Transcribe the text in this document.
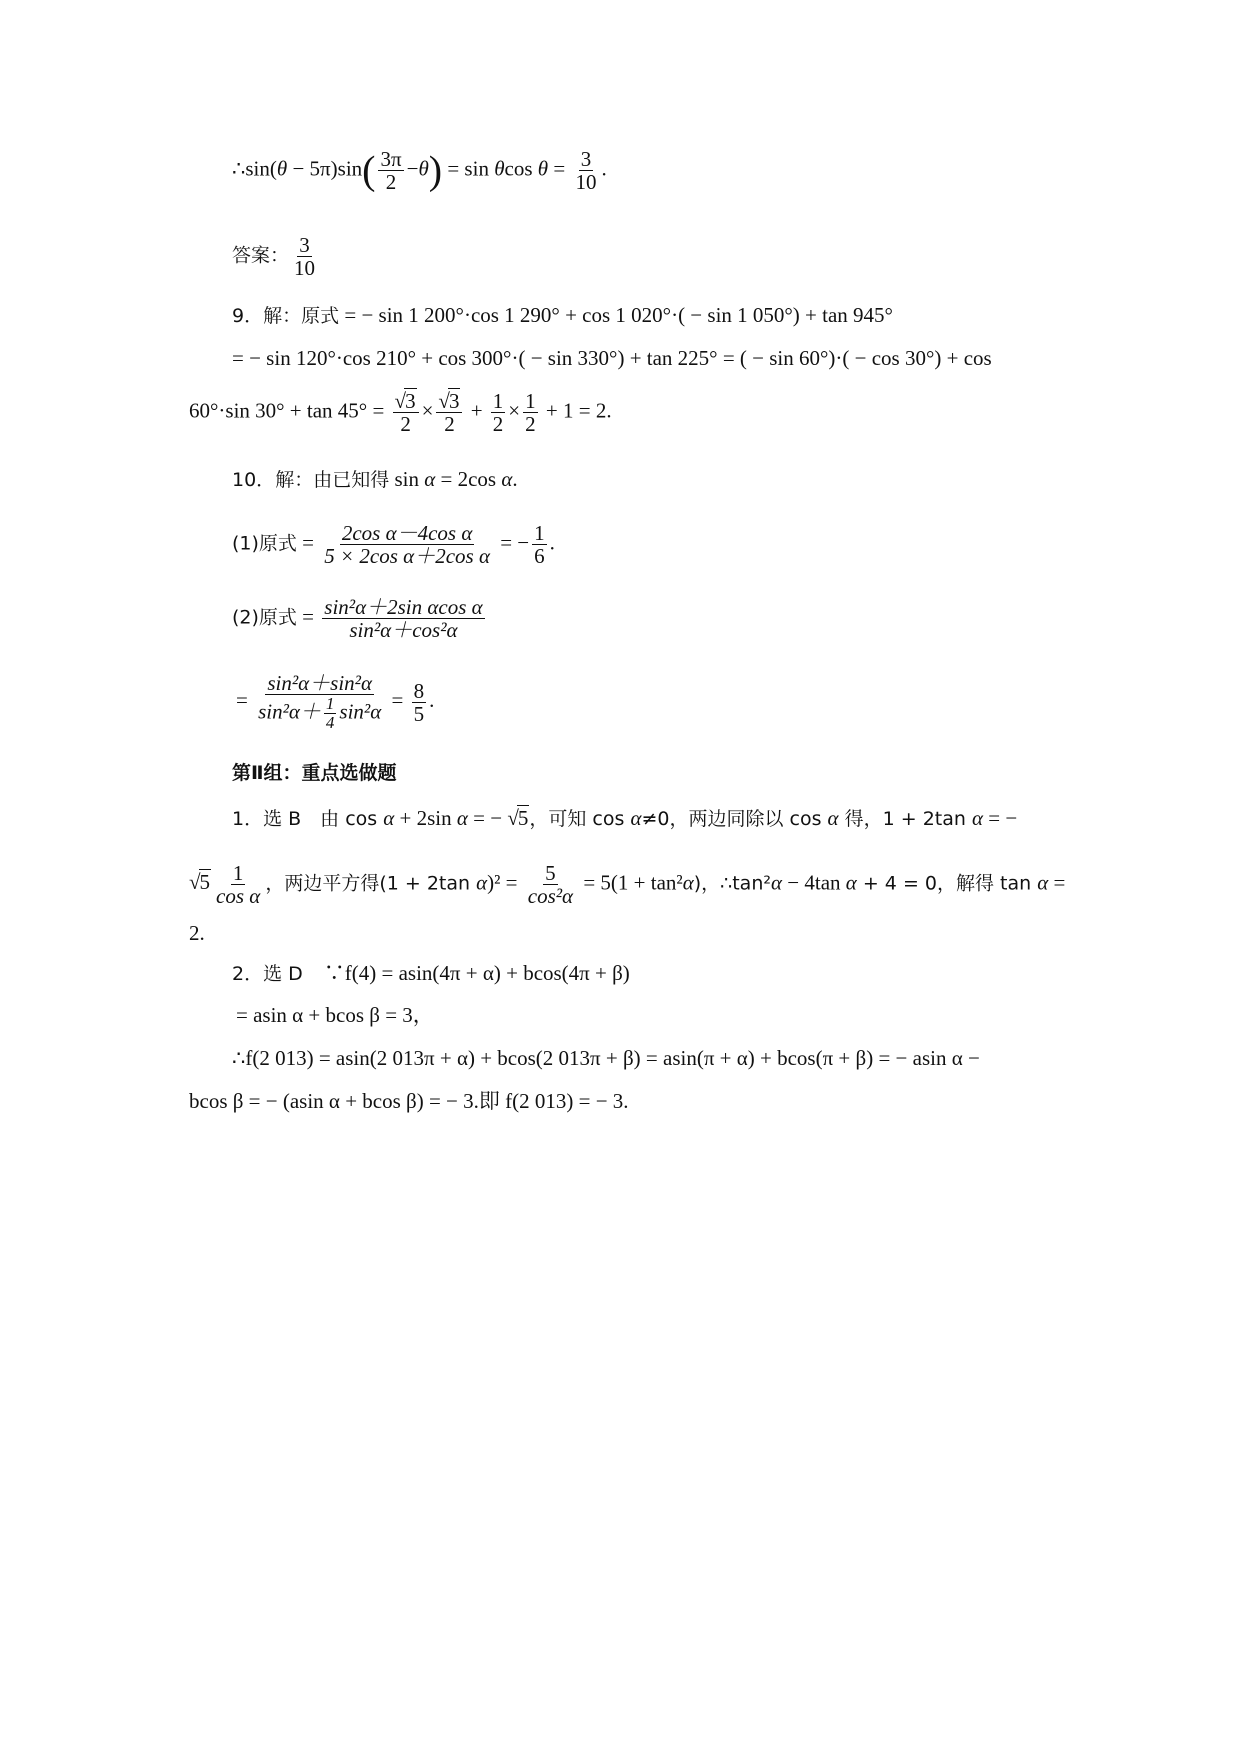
∴sin(θ − $5\pi)\sin( \frac{3\pi}{2} -\theta) = \sin \theta\cos$ $\theta = \frac{3}{10}$ .
答案： $\frac{3}{10}$
9．解：原式 = − sin 1 200°·cos 1 290° + cos 1 020°·( − sin 1 050°) + tan 945°
= − sin 120°·cos 210° + cos 300°·( − sin 330°) + tan 225° = ( − sin 60°)·( − cos 30°) + cos
60°·sin $30^\circ + \tan 45^\circ = \frac{√3}{2} \times \frac{√3}{2} + \frac{1}{2} \times \frac{1}{2} + 1 = 2$.
10．解：由已知得 sin α = 2cos α.
(1)原式 = $\frac{\text{2cos α－4cos α}}{\text{5 × 2cos α＋2cos α}}$ = − $\frac{1}{6}$ .
(2)原式 = $\frac{\text{sin²α＋2sin αcos α}}{\text{sin²α＋cos²α}}$
= $\frac{\text{sin²α＋sin²α}}{\sin^2\alpha+ \frac{1}{4} \sin^2\alpha} = \frac{8}{5}$ .
第Ⅱ组：重点选做题
1．选 B　由 cos α + 2sin α = − √5，可知 cos α≠0，两边同除以 cos α 得，1 + 2tan α = −
$√5 \frac{1}{\text{cos α}}$ ，两边平方得(1 + 2tan $\alpha)^2 = \frac{5}{\text{cos²α}} = 5(1 + \tan^2\alpha)$，∴tan²α − 4tan α + 4 = 0，解得 tan α =
2.
2．选 D　∵f(4) = asin(4π + α) + bcos(4π + β)
= asin α + bcos β = 3，
∴f(2 013) = asin(2 013π + α) + bcos(2 013π + β) = asin(π + α) + bcos(π + β) = − asin α −
bcos β = − (asin α + bcos β) = − 3.即 f(2 013) = − 3.
